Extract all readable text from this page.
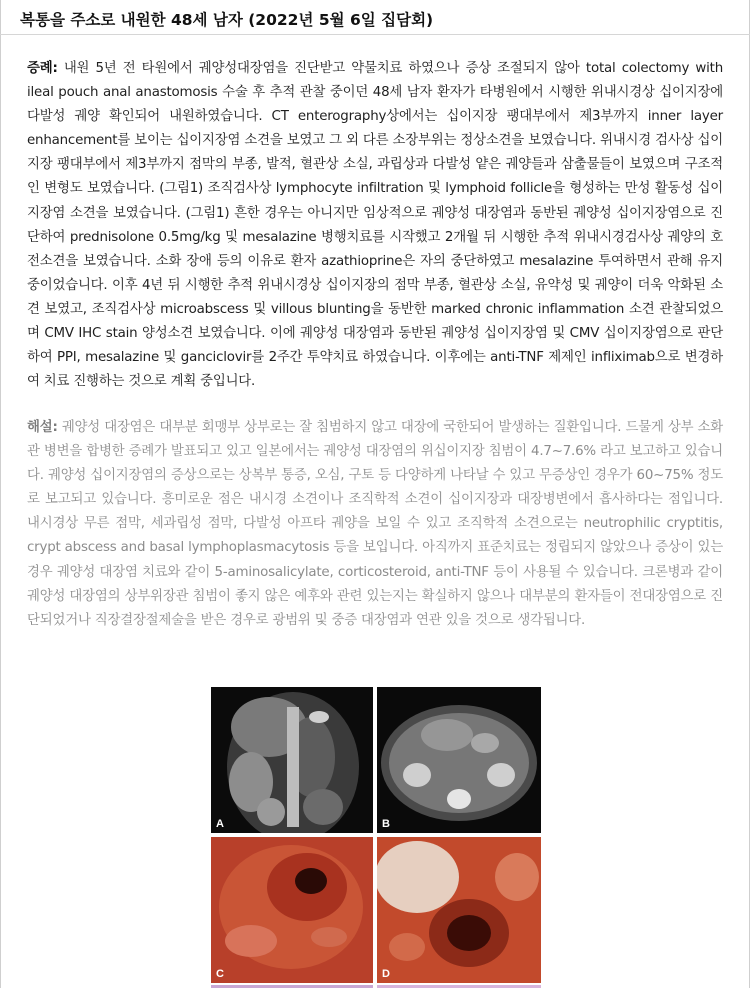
복통을 주소로 내원한 48세 남자 (2022년 5월 6일 집담회)

증례: 내원 5년 전 타원에서 궤양성대장염을 진단받고 약물치료 하였으나 증상 조절되지 않아 total colectomy with ileal pouch anal anastomosis 수술 후 추적 관찰 중이던 48세 남자 환자가 타병원에서 시행한 위내시경상 십이지장에 다발성 궤양 확인되어 내원하였습니다. CT enterography상에서는 십이지장 팽대부에서 제3부까지 inner layer enhancement를 보이는 십이지장염 소견을 보였고 그 외 다른 소장부위는 정상소견을 보였습니다. 위내시경 검사상 십이지장 팽대부에서 제3부까지 점막의 부종, 발적, 혈관상 소실, 과립상과 다발성 얕은 궤양들과 삼출물들이 보였으며 구조적인 변형도 보였습니다. (그림1) 조직검사상 lymphocyte infiltration 및 lymphoid follicle을 형성하는 만성 활동성 십이지장염 소견을 보였습니다. (그림1) 흔한 경우는 아니지만 임상적으로 궤양성 대장염과 동반된 궤양성 십이지장염으로 진단하여 prednisolone 0.5mg/kg 및 mesalazine 병행치료를 시작했고 2개월 뒤 시행한 추적 위내시경검사상 궤양의 호전소견을 보였습니다. 소화 장애 등의 이유로 환자 azathioprine은 자의 중단하였고 mesalazine 투여하면서 관해 유지 중이었습니다. 이후 4년 뒤 시행한 추적 위내시경상 십이지장의 점막 부종, 혈관상 소실, 유약성 및 궤양이 더욱 악화된 소견 보였고, 조직검사상 microabscess 및 villous blunting을 동반한 marked chronic inflammation 소견 관찰되었으며 CMV IHC stain 양성소견 보였습니다. 이에 궤양성 대장염과 동반된 궤양성 십이지장염 및 CMV 십이지장염으로 판단하여 PPI, mesalazine 및 ganciclovir를 2주간 투약치료 하였습니다. 이후에는 anti-TNF 제제인 infliximab으로 변경하여 치료 진행하는 것으로 계획 중입니다.

해설: 궤양성 대장염은 대부분 회맹부 상부로는 잘 침범하지 않고 대장에 국한되어 발생하는 질환입니다. 드물게 상부 소화관 병변을 합병한 증례가 발표되고 있고 일본에서는 궤양성 대장염의 위십이지장 침범이 4.7~7.6% 라고 보고하고 있습니다. 궤양성 십이지장염의 증상으로는 상복부 통증, 오심, 구토 등 다양하게 나타날 수 있고 무증상인 경우가 60~75% 정도로 보고되고 있습니다. 흥미로운 점은 내시경 소견이나 조직학적 소견이 십이지장과 대장병변에서 흡사하다는 점입니다. 내시경상 무른 점막, 세과립성 점막, 다발성 아프타 궤양을 보일 수 있고 조직학적 소견으로는 neutrophilic cryptitis, crypt abscess and basal lymphoplasmacytosis 등을 보입니다. 아직까지 표준치료는 정립되지 않았으나 증상이 있는 경우 궤양성 대장염 치료와 같이 5-aminosalicylate, corticosteroid, anti-TNF 등이 사용될 수 있습니다. 크론병과 같이 궤양성 대장염의 상부위장관 침범이 좋지 않은 예후와 관련 있는지는 확실하지 않으나 대부분의 환자들이 전대장염으로 진단되었거나 직장결장절제술을 받은 경우로 광범위 및 중증 대장염과 연관 있을 것으로 생각됩니다.

A	B
C	D
